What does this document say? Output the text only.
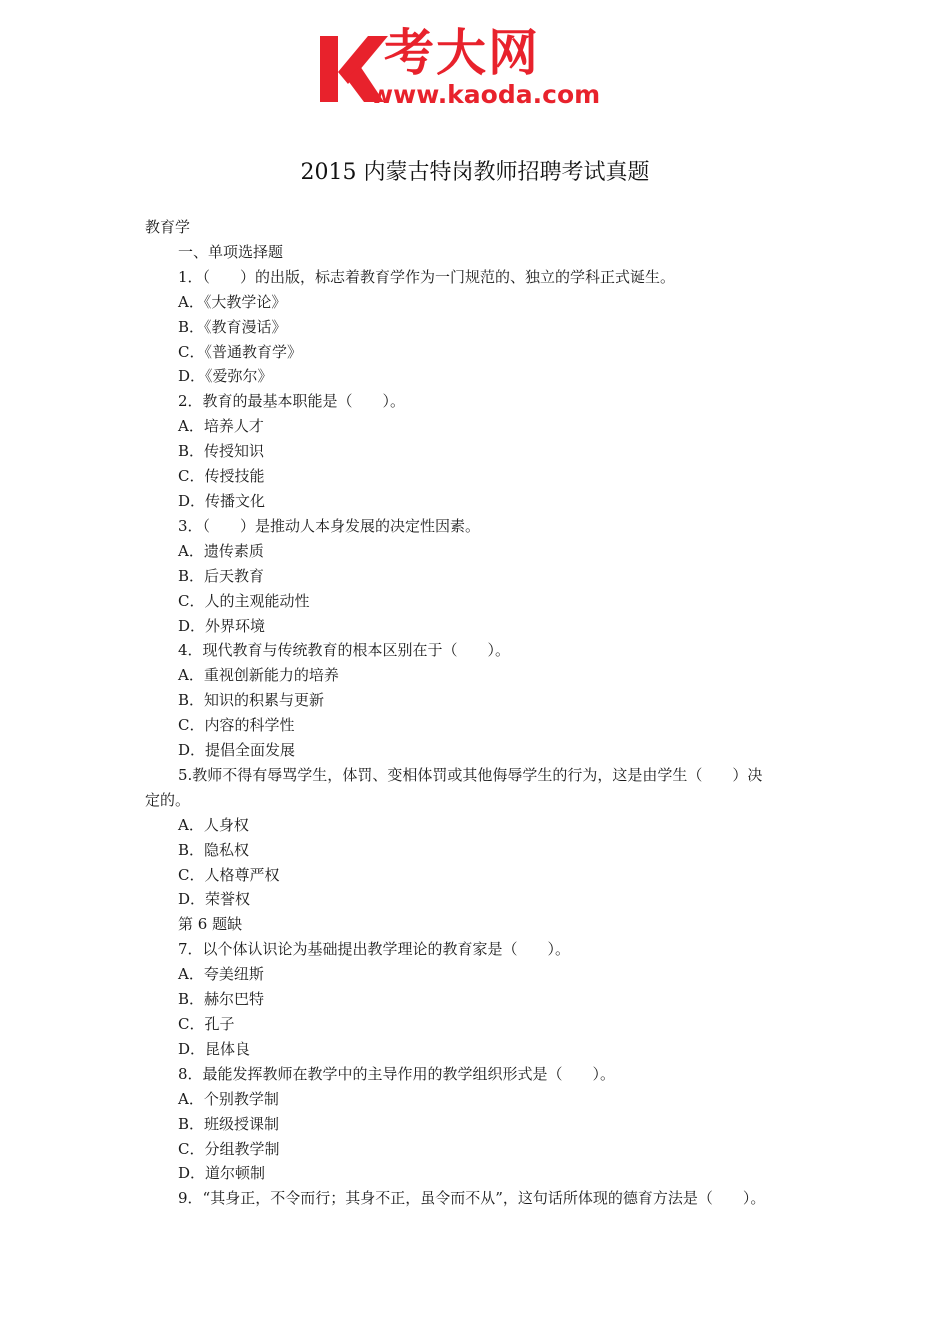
考大网
www.kaoda.com
2015 内蒙古特岗教师招聘考试真题
教育学
一、单项选择题
1．（　　）的出版，标志着教育学作为一门规范的、独立的学科正式诞生。
A．《大教学论》
B．《教育漫话》
C．《普通教育学》
D．《爱弥尔》
2．教育的最基本职能是（　　）。
A．培养人才
B．传授知识
C．传授技能
D．传播文化
3．（　　）是推动人本身发展的决定性因素。
A．遗传素质
B．后天教育
C．人的主观能动性
D．外界环境
4．现代教育与传统教育的根本区别在于（　　）。
A．重视创新能力的培养
B．知识的积累与更新
C．内容的科学性
D．提倡全面发展
5.教师不得有辱骂学生，体罚、变相体罚或其他侮辱学生的行为，这是由学生（　　）决
定的。
A．人身权
B．隐私权
C．人格尊严权
D．荣誉权
第 6 题缺
7．以个体认识论为基础提出教学理论的教育家是（　　）。
A．夸美纽斯
B．赫尔巴特
C．孔子
D．昆体良
8．最能发挥教师在教学中的主导作用的教学组织形式是（　　）。
A．个别教学制
B．班级授课制
C．分组教学制
D．道尔顿制
9．“其身正，不令而行；其身不正，虽令而不从”，这句话所体现的德育方法是（　　）。
